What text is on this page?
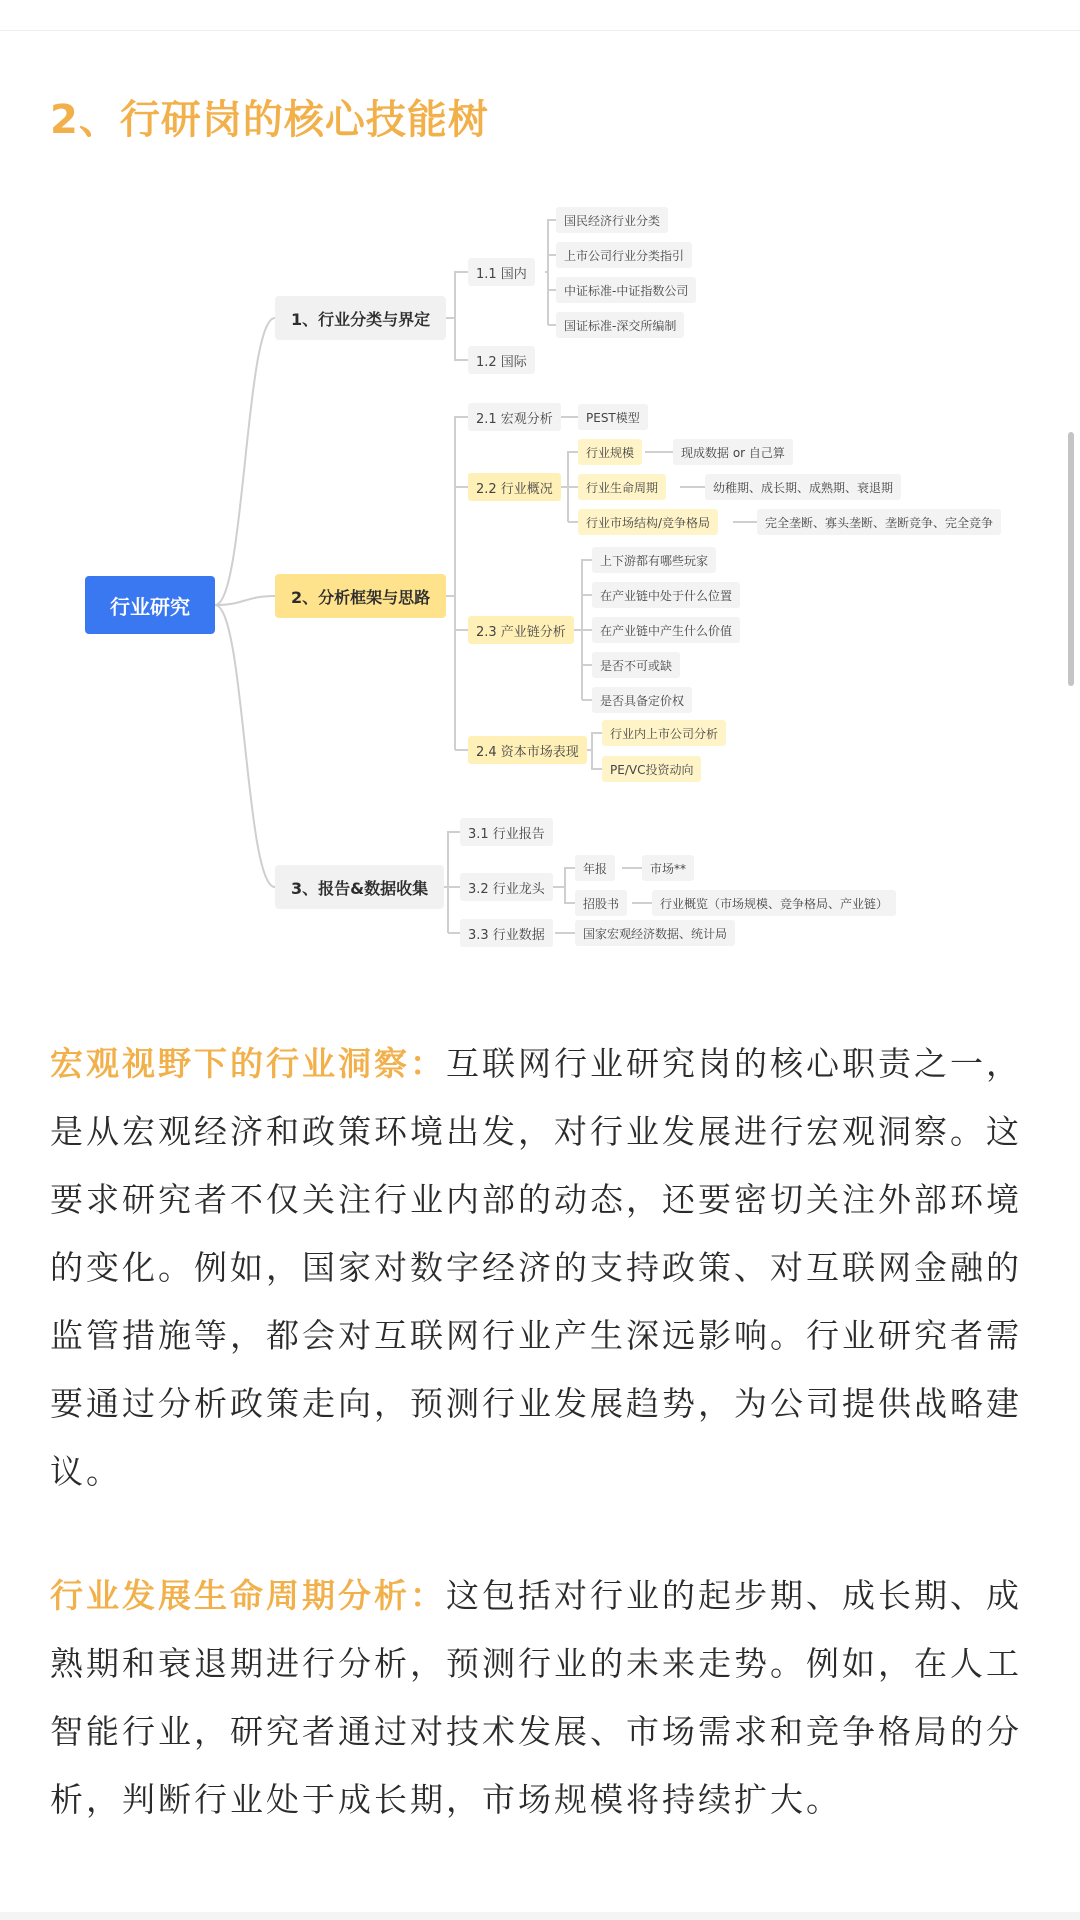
2、行研岗的核心技能树
行业研究
1、行业分类与界定
1.1 国内
国民经济行业分类
上市公司行业分类指引
中证标准-中证指数公司
国证标准-深交所编制
1.2 国际
2、分析框架与思路
2.1 宏观分析	PEST模型
2.2 行业概况
行业规模
行业生命周期
行业市场结构/竞争格局
现成数据 or 自己算
幼稚期、成长期、成熟期、衰退期
完全垄断、寡头垄断、垄断竞争、完全竞争
2.3 产业链分析
上下游都有哪些玩家
在产业链中处于什么位置
在产业链中产生什么价值
是否不可或缺
是否具备定价权
2.4 资本市场表现
行业内上市公司分析
PE/VC投资动向
3、报告&数据收集
3.1 行业报告
3.2 行业龙头
年报	市场**
招股书	行业概览（市场规模、竞争格局、产业链）
3.3 行业数据	国家宏观经济数据、统计局

宏观视野下的行业洞察：互联网行业研究岗的核心职责之一，是从宏观经济和政策环境出发，对行业发展进行宏观洞察。这要求研究者不仅关注行业内部的动态，还要密切关注外部环境的变化。例如，国家对数字经济的支持政策、对互联网金融的监管措施等，都会对互联网行业产生深远影响。行业研究者需要通过分析政策走向，预测行业发展趋势，为公司提供战略建议。

行业发展生命周期分析：这包括对行业的起步期、成长期、成熟期和衰退期进行分析，预测行业的未来走势。例如，在人工智能行业，研究者通过对技术发展、市场需求和竞争格局的分析，判断行业处于成长期，市场规模将持续扩大。
